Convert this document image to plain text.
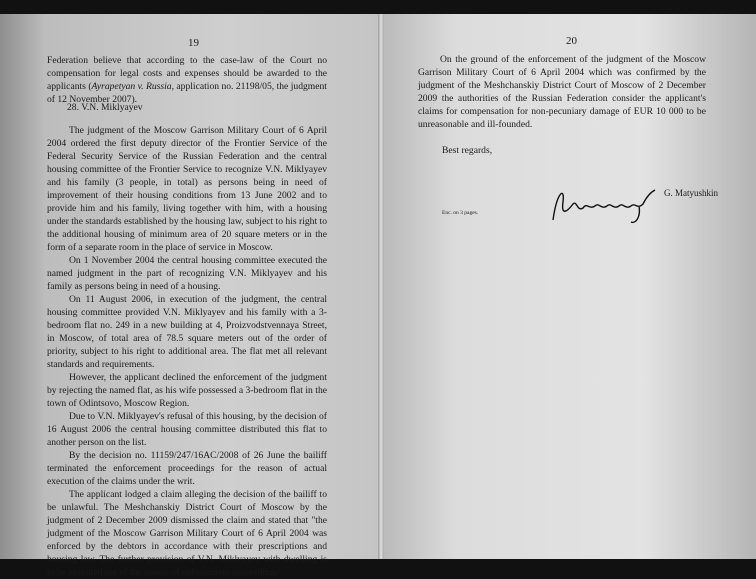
19

Federation believe that according to the case-law of the Court no compensation for legal costs and expenses should be awarded to the applicants (Ayrapetyan v. Russia, application no. 21198/05, the judgment of 12 November 2007).

28. V.N. Miklyayev

The judgment of the Moscow Garrison Military Court of 6 April 2004 ordered the first deputy director of the Frontier Service of the Federal Security Service of the Russian Federation and the central housing committee of the Frontier Service to recognize V.N. Miklyayev and his family (3 people, in total) as persons being in need of improvement of their housing conditions from 13 June 2002 and to provide him and his family, living together with him, with a housing under the standards established by the housing law, subject to his right to the additional housing of minimum area of 20 square meters or in the form of a separate room in the place of service in Moscow.

On 1 November 2004 the central housing committee executed the named judgment in the part of recognizing V.N. Miklyayev and his family as persons being in need of a housing.

On 11 August 2006, in execution of the judgment, the central housing committee provided V.N. Miklyayev and his family with a 3-bedroom flat no. 249 in a new building at 4, Proizvodstvennaya Street, in Moscow, of total area of 78.5 square meters out of the order of priority, subject to his right to additional area. The flat met all relevant standards and requirements.

However, the applicant declined the enforcement of the judgment by rejecting the named flat, as his wife possessed a 3-bedroom flat in the town of Odintsovo, Moscow Region.

Due to V.N. Miklyayev's refusal of this housing, by the decision of 16 August 2006 the central housing committee distributed this flat to another person on the list.

By the decision no. 11159/247/16AC/2008 of 26 June the bailiff terminated the enforcement proceedings for the reason of actual execution of the claims under the writ.

The applicant lodged a claim alleging the decision of the bailiff to be unlawful. The Meshchanskiy District Court of Moscow by the judgment of 2 December 2009 dismissed the claim and stated that "the judgment of the Moscow Garrison Military Court of 6 April 2004 was enforced by the debtors in accordance with their prescriptions and housing law. The further provision of V.N. Miklyayev with dwelling is to be executed out of the course of enforcement proceedings".

20

On the ground of the enforcement of the judgment of the Moscow Garrison Military Court of 6 April 2004 which was confirmed by the judgment of the Meshchanskiy District Court of Moscow of 2 December 2009 the authorities of the Russian Federation consider the applicant's claims for compensation for non-pecuniary damage of EUR 10 000 to be unreasonable and ill-founded.

Best regards,
G. Matyushkin
Enc. on 3 pages.
